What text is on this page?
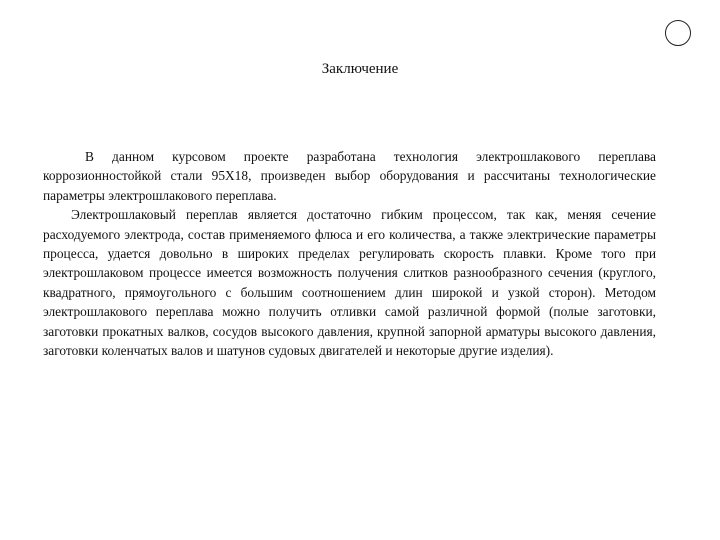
Заключение

В данном курсовом проекте разработана технология электрошлакового переплава коррозионностойкой стали 95Х18, произведен выбор оборудования и рассчитаны технологические параметры электрошлакового переплава.

Электрошлаковый переплав является достаточно гибким процессом, так как, меняя сечение расходуемого электрода, состав применяемого флюса и его количества, а также электрические параметры процесса, удается довольно в широких пределах регулировать скорость плавки. Кроме того при электрошлаковом процессе имеется возможность получения слитков разнообразного сечения (круглого, квадратного, прямоугольного с большим соотношением длин широкой и узкой сторон). Методом электрошлакового переплава можно получить отливки самой различной формой (полые заготовки, заготовки прокатных валков, сосудов высокого давления, крупной запорной арматуры высокого давления, заготовки коленчатых валов и шатунов судовых двигателей и некоторые другие изделия).
